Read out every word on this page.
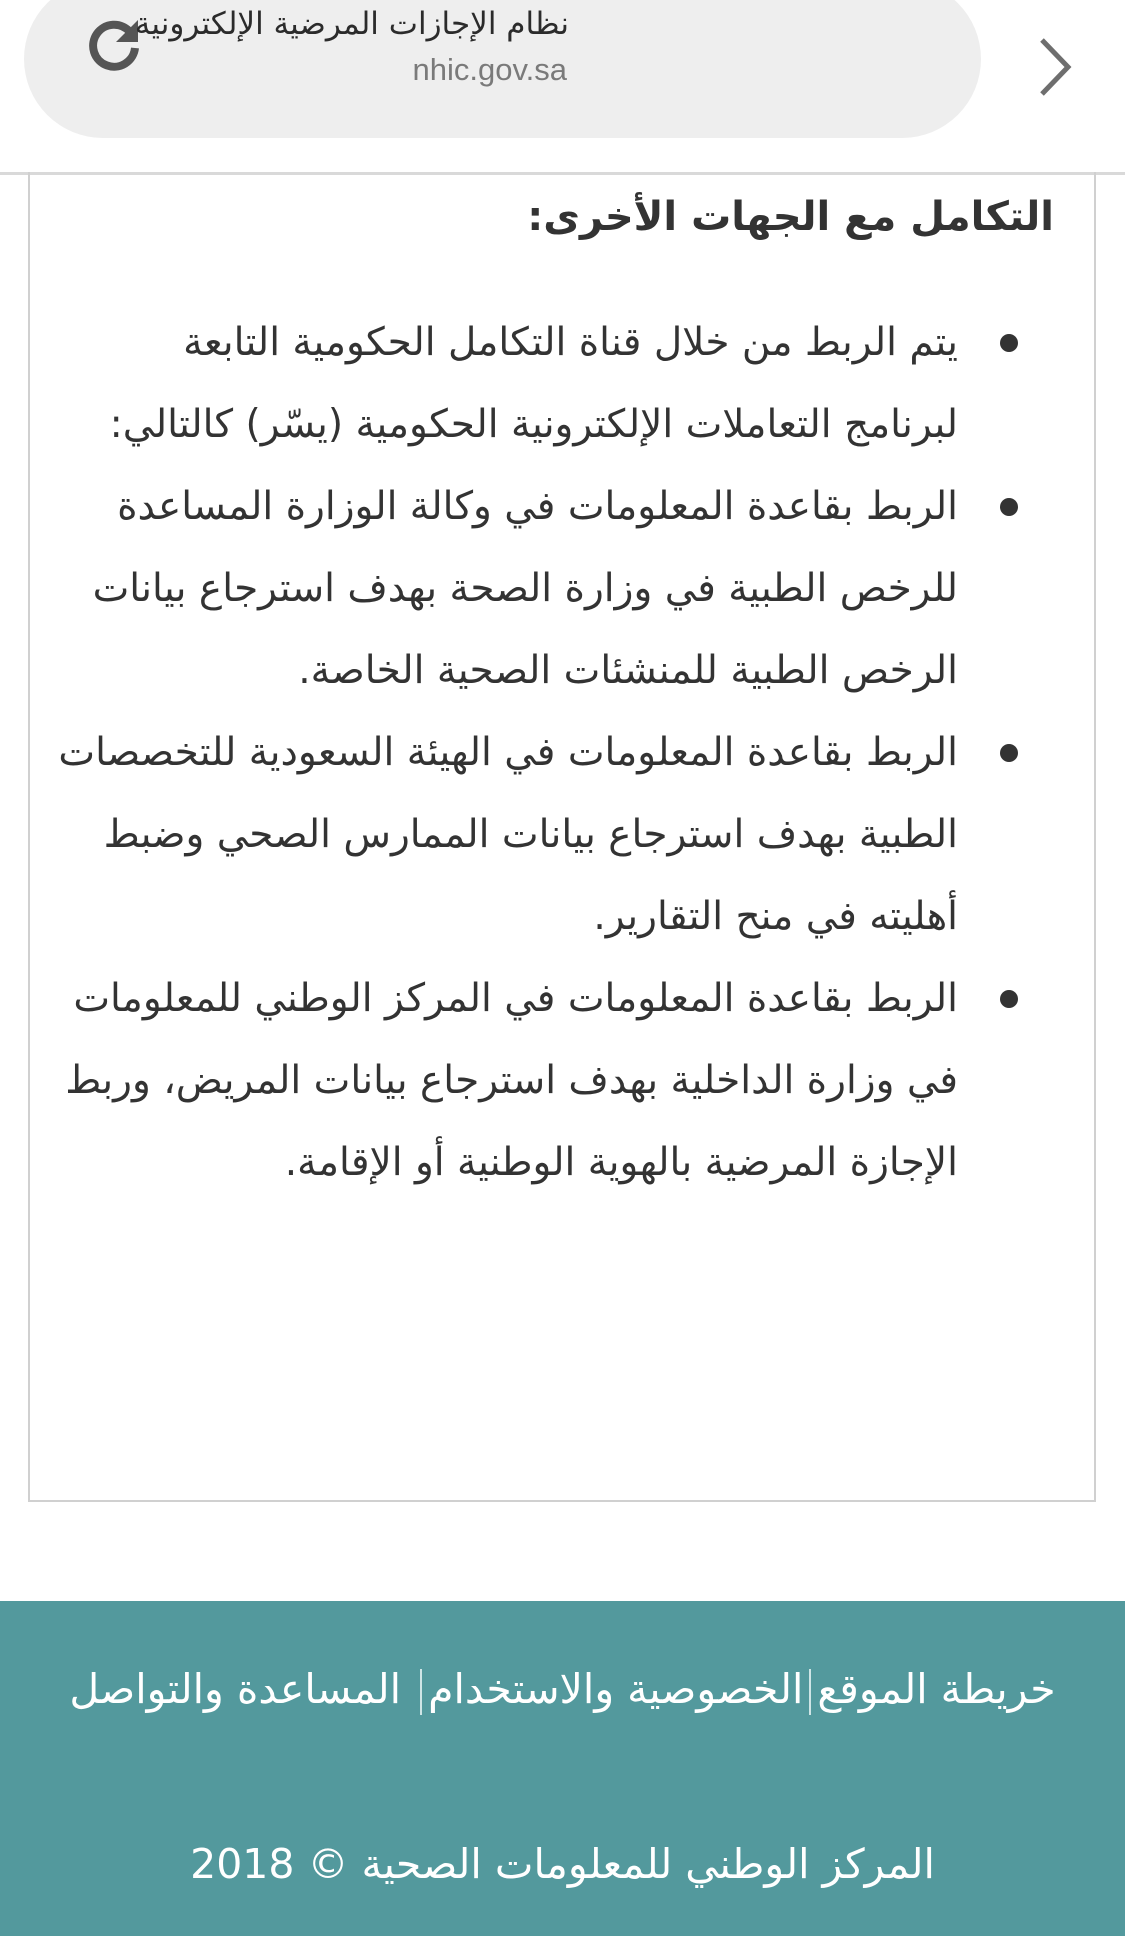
نظام الإجازات المرضية الإلكترونية
nhic.gov.sa
التكامل مع الجهات الأخرى:
يتم الربط من خلال قناة التكامل الحكومية التابعة لبرنامج التعاملات الإلكترونية الحكومية (يسّر) كالتالي:
الربط بقاعدة المعلومات في وكالة الوزارة المساعدة للرخص الطبية في وزارة الصحة بهدف استرجاع بيانات الرخص الطبية للمنشئات الصحية الخاصة.
الربط بقاعدة المعلومات في الهيئة السعودية للتخصصات الطبية بهدف استرجاع بيانات الممارس الصحي وضبط أهليته في منح التقارير.
الربط بقاعدة المعلومات في المركز الوطني للمعلومات في وزارة الداخلية بهدف استرجاع بيانات المريض، وربط الإجازة المرضية بالهوية الوطنية أو الإقامة.
خريطة الموقعالخصوصية والاستخدام المساعدة والتواصل
المركز الوطني للمعلومات الصحية © 2018
